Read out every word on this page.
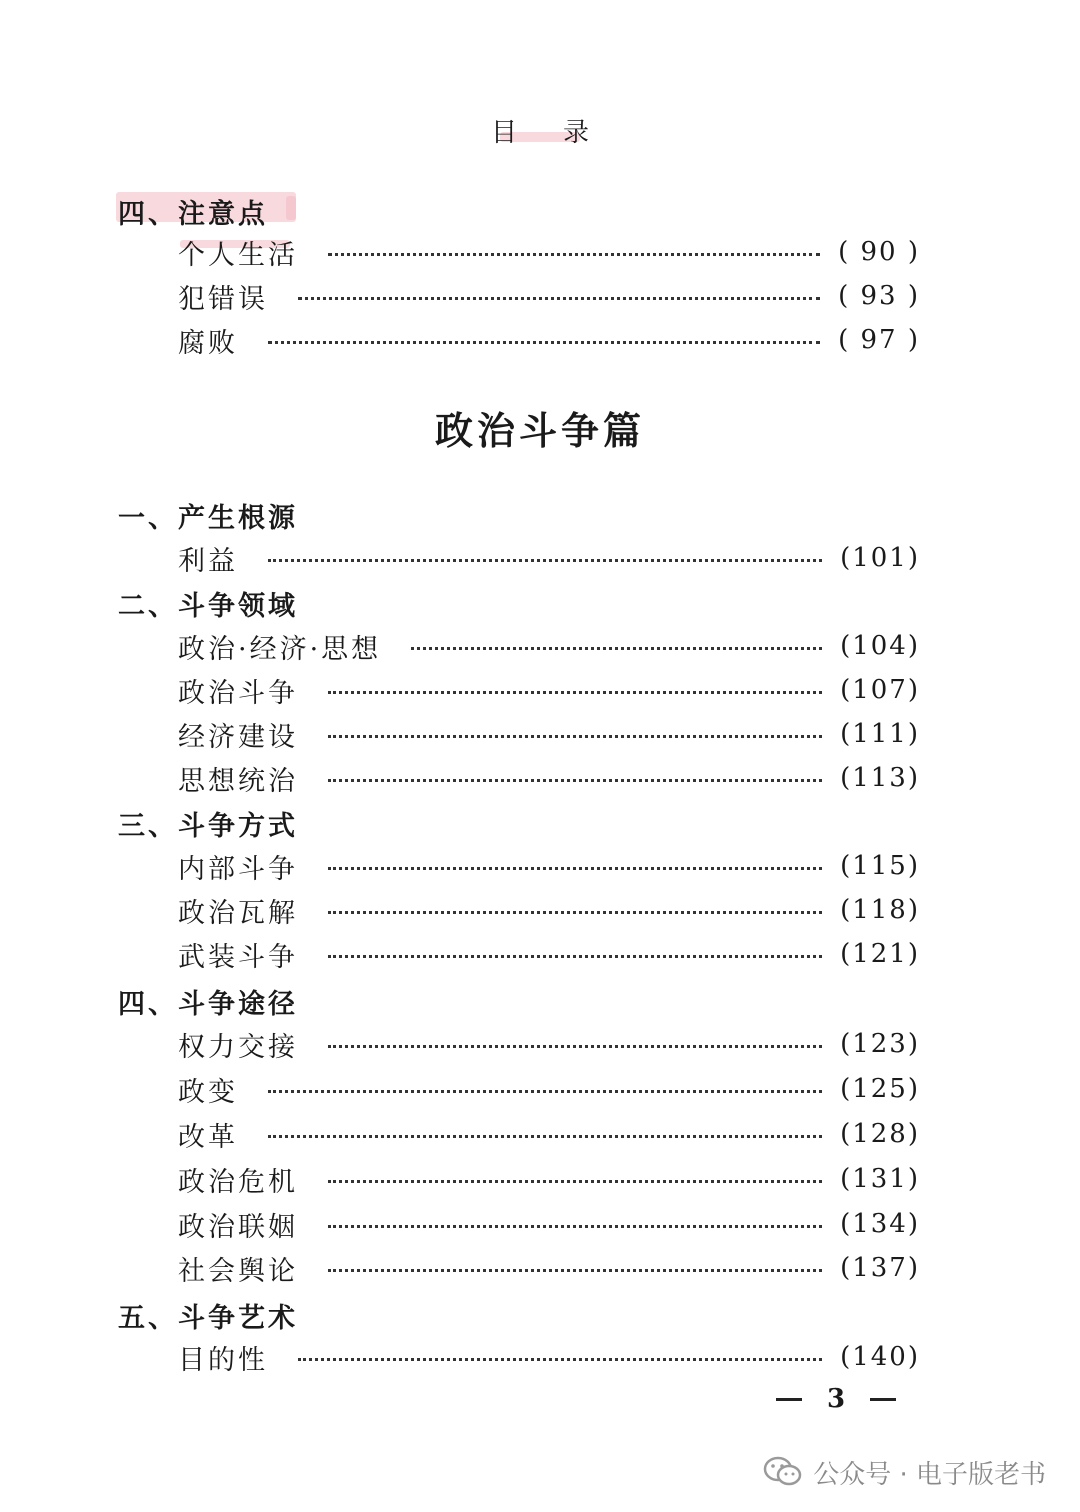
目录
四、注意点
个人生活	( 90 )
犯错误	( 93 )
腐败	( 97 )
政治斗争篇
一、产生根源
利益	(101)
二、斗争领域
政治·经济·思想	(104)
政治斗争	(107)
经济建设	(111)
思想统治	(113)
三、斗争方式
内部斗争	(115)
政治瓦解	(118)
武装斗争	(121)
四、斗争途径
权力交接	(123)
政变	(125)
改革	(128)
政治危机	(131)
政治联姻	(134)
社会舆论	(137)
五、斗争艺术
目的性	(140)
3
公众号 · 电子版老书
